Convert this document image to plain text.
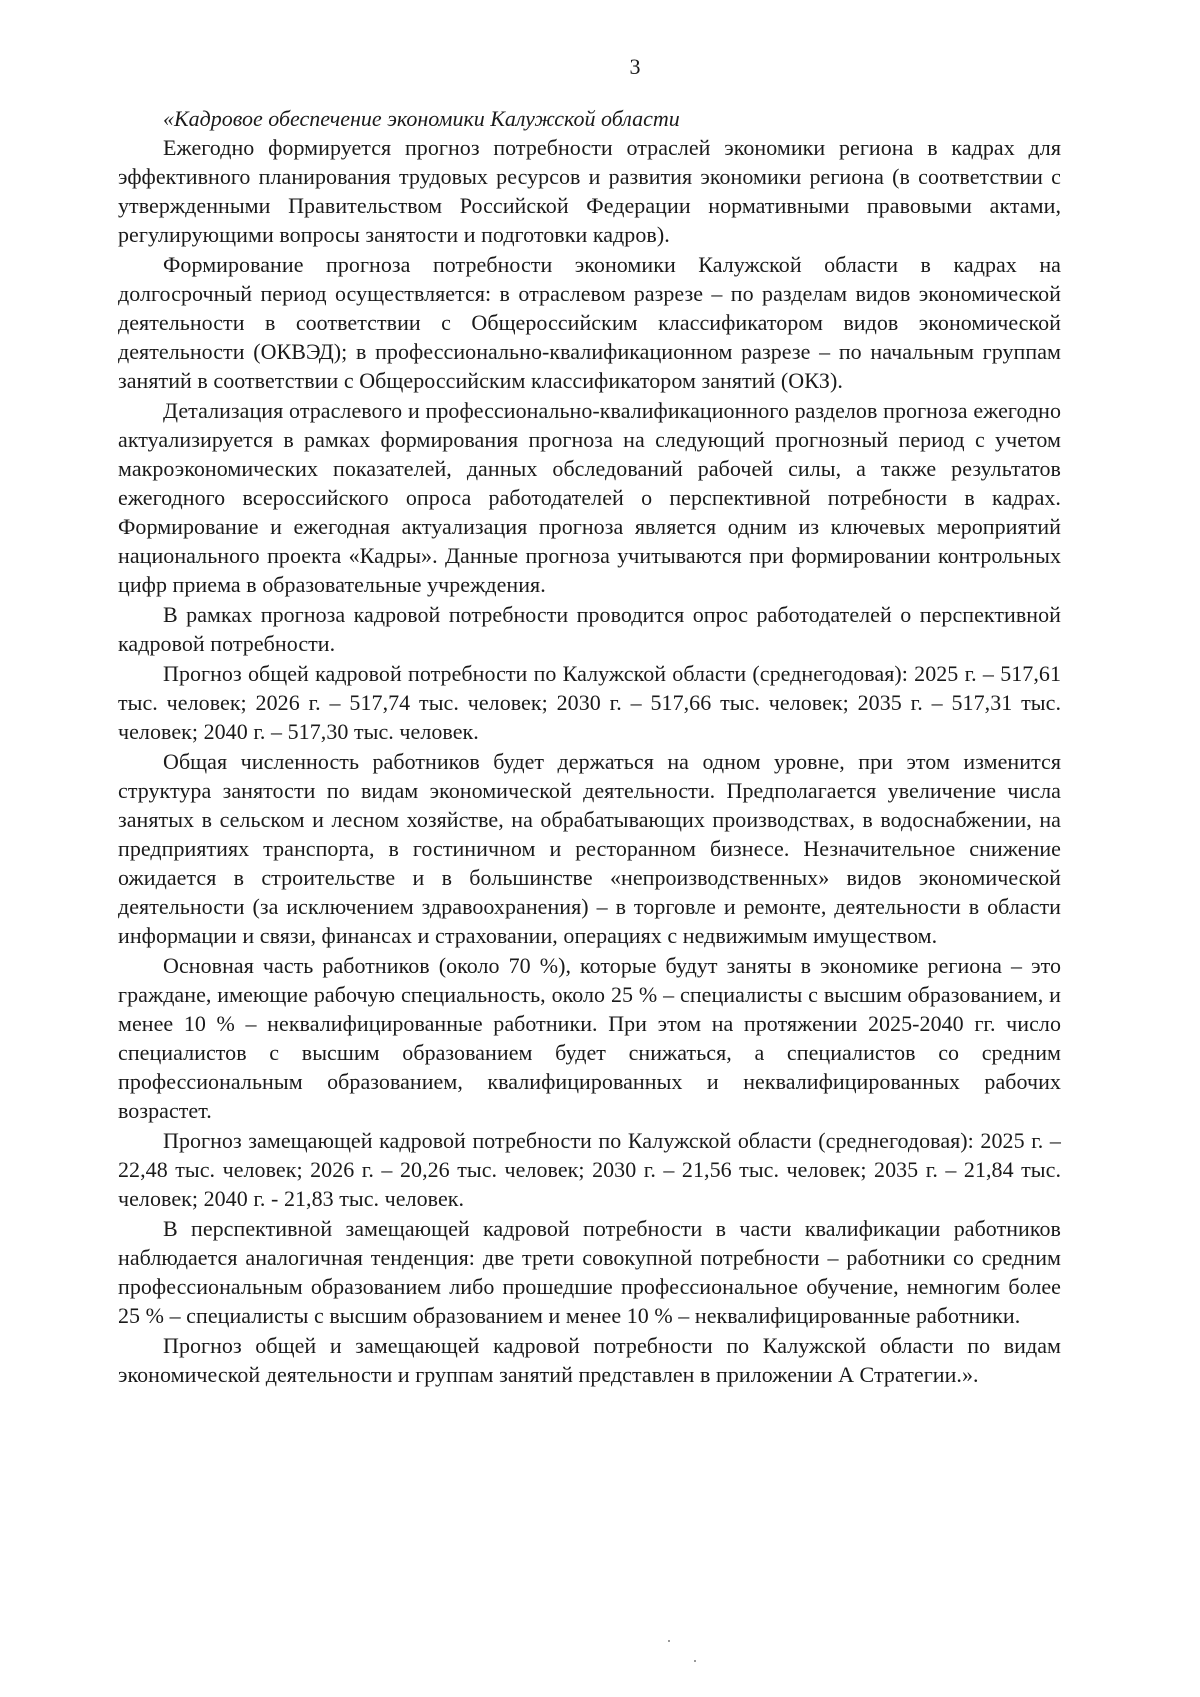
3

«Кадровое обеспечение экономики Калужской области

Ежегодно формируется прогноз потребности отраслей экономики региона в кадрах для эффективного планирования трудовых ресурсов и развития экономики региона (в соответствии с утвержденными Правительством Российской Федерации нормативными правовыми актами, регулирующими вопросы занятости и подготовки кадров).

Формирование прогноза потребности экономики Калужской области в кадрах на долгосрочный период осуществляется: в отраслевом разрезе – по разделам видов экономической деятельности в соответствии с Общероссийским классификатором видов экономической деятельности (ОКВЭД); в профессионально-квалификационном разрезе – по начальным группам занятий в соответствии с Общероссийским классификатором занятий (ОКЗ).

Детализация отраслевого и профессионально-квалификационного разделов прогноза ежегодно актуализируется в рамках формирования прогноза на следующий прогнозный период с учетом макроэкономических показателей, данных обследований рабочей силы, а также результатов ежегодного всероссийского опроса работодателей о перспективной потребности в кадрах. Формирование и ежегодная актуализация прогноза является одним из ключевых мероприятий национального проекта «Кадры». Данные прогноза учитываются при формировании контрольных цифр приема в образовательные учреждения.

В рамках прогноза кадровой потребности проводится опрос работодателей о перспективной кадровой потребности.

Прогноз общей кадровой потребности по Калужской области (среднегодовая): 2025 г. – 517,61 тыс. человек; 2026 г. – 517,74 тыс. человек; 2030 г. – 517,66 тыс. человек; 2035 г. – 517,31 тыс. человек; 2040 г. – 517,30 тыс. человек.

Общая численность работников будет держаться на одном уровне, при этом изменится структура занятости по видам экономической деятельности. Предполагается увеличение числа занятых в сельском и лесном хозяйстве, на обрабатывающих производствах, в водоснабжении, на предприятиях транспорта, в гостиничном и ресторанном бизнесе. Незначительное снижение ожидается в строительстве и в большинстве «непроизводственных» видов экономической деятельности (за исключением здравоохранения) – в торговле и ремонте, деятельности в области информации и связи, финансах и страховании, операциях с недвижимым имуществом.

Основная часть работников (около 70 %), которые будут заняты в экономике региона – это граждане, имеющие рабочую специальность, около 25 % – специалисты с высшим образованием, и менее 10 % – неквалифицированные работники. При этом на протяжении 2025-2040 гг. число специалистов с высшим образованием будет снижаться, а специалистов со средним профессиональным образованием, квалифицированных и неквалифицированных рабочих возрастет.

Прогноз замещающей кадровой потребности по Калужской области (среднегодовая): 2025 г. – 22,48 тыс. человек; 2026 г. – 20,26 тыс. человек; 2030 г. – 21,56 тыс. человек; 2035 г. – 21,84 тыс. человек; 2040 г. - 21,83 тыс. человек.

В перспективной замещающей кадровой потребности в части квалификации работников наблюдается аналогичная тенденция: две трети совокупной потребности – работники со средним профессиональным образованием либо прошедшие профессиональное обучение, немногим более 25 % – специалисты с высшим образованием и менее 10 % – неквалифицированные работники.

Прогноз общей и замещающей кадровой потребности по Калужской области по видам экономической деятельности и группам занятий представлен в приложении А Стратегии.».
